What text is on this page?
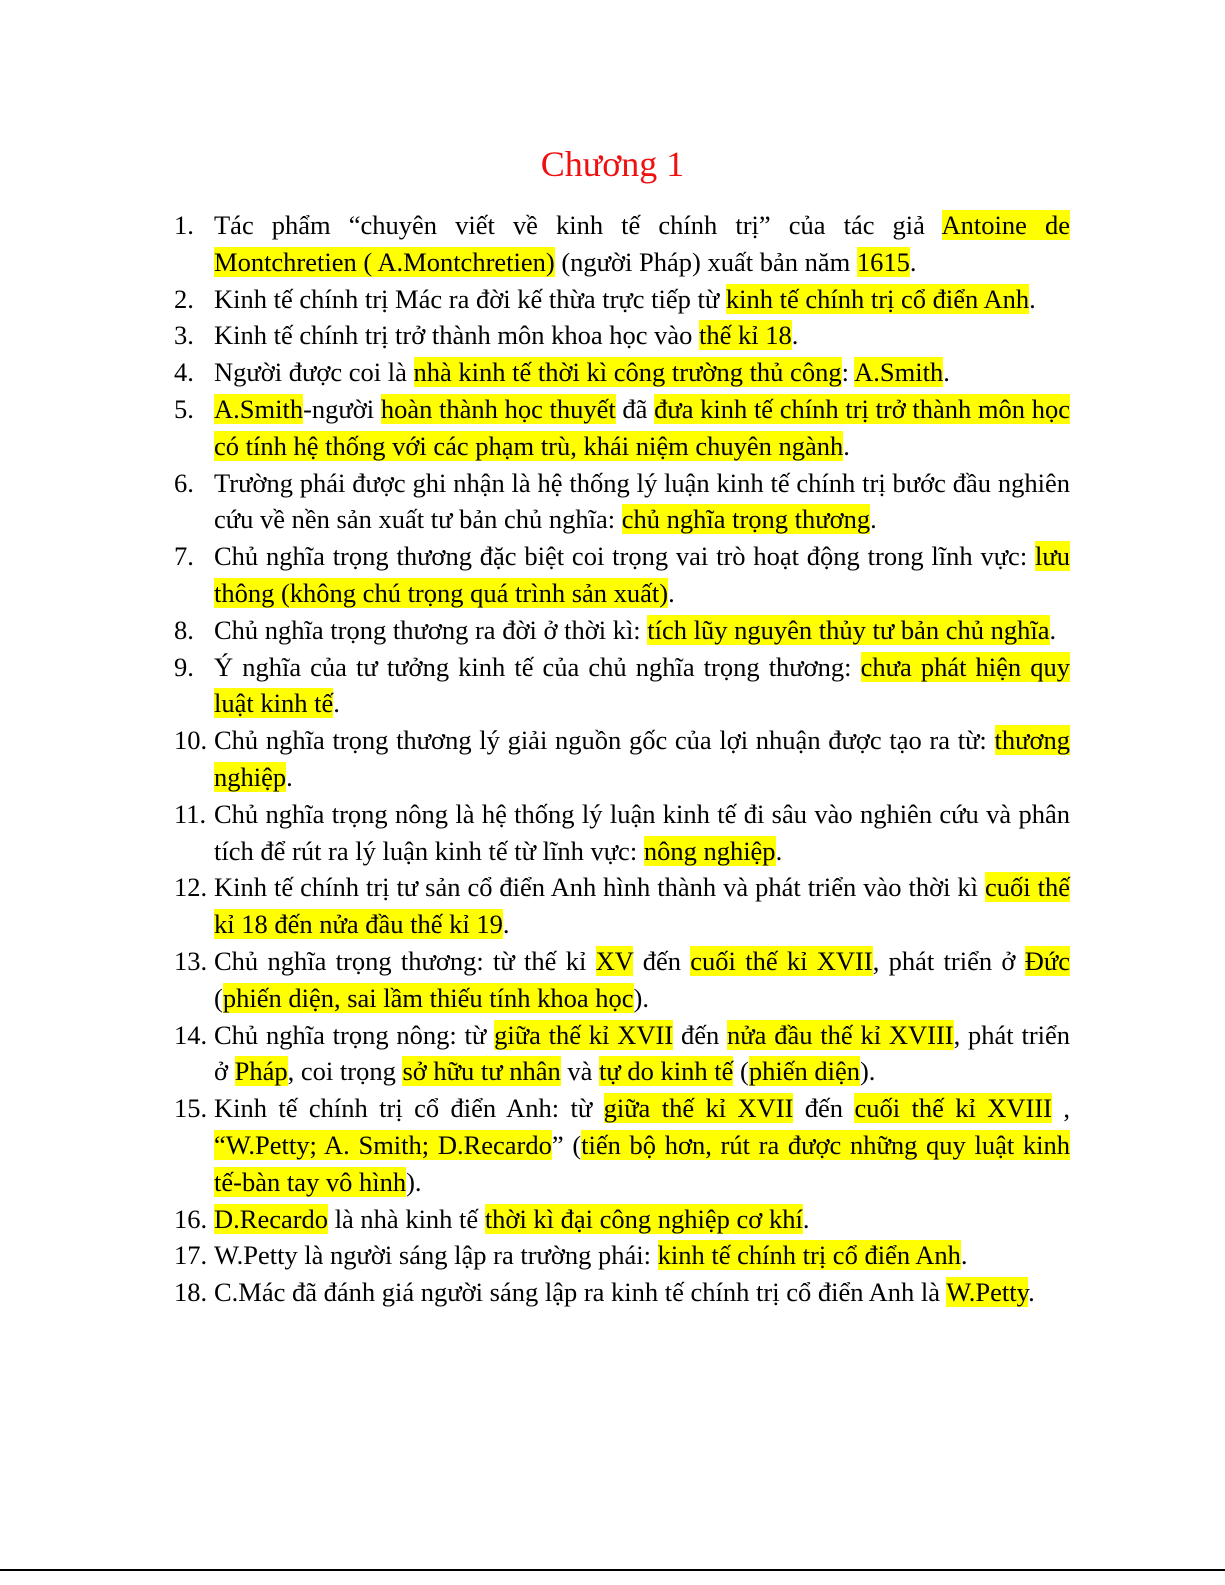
Chương 1
1. Tác phẩm “chuyên viết về kinh tế chính trị” của tác giả Antoine de Montchretien ( A.Montchretien) (người Pháp) xuất bản năm 1615.
2. Kinh tế chính trị Mác ra đời kế thừa trực tiếp từ kinh tế chính trị cổ điển Anh.
3. Kinh tế chính trị trở thành môn khoa học vào thế kỉ 18.
4. Người được coi là nhà kinh tế thời kì công trường thủ công: A.Smith.
5. A.Smith-người hoàn thành học thuyết đã đưa kinh tế chính trị trở thành môn học có tính hệ thống với các phạm trù, khái niệm chuyên ngành.
6. Trường phái được ghi nhận là hệ thống lý luận kinh tế chính trị bước đầu nghiên cứu về nền sản xuất tư bản chủ nghĩa: chủ nghĩa trọng thương.
7. Chủ nghĩa trọng thương đặc biệt coi trọng vai trò hoạt động trong lĩnh vực: lưu thông (không chú trọng quá trình sản xuất).
8. Chủ nghĩa trọng thương ra đời ở thời kì: tích lũy nguyên thủy tư bản chủ nghĩa.
9. Ý nghĩa của tư tưởng kinh tế của chủ nghĩa trọng thương: chưa phát hiện quy luật kinh tế.
10. Chủ nghĩa trọng thương lý giải nguồn gốc của lợi nhuận được tạo ra từ: thương nghiệp.
11. Chủ nghĩa trọng nông là hệ thống lý luận kinh tế đi sâu vào nghiên cứu và phân tích để rút ra lý luận kinh tế từ lĩnh vực: nông nghiệp.
12. Kinh tế chính trị tư sản cổ điển Anh hình thành và phát triển vào thời kì cuối thế kỉ 18 đến nửa đầu thế kỉ 19.
13. Chủ nghĩa trọng thương: từ thế kỉ XV đến cuối thế kỉ XVII, phát triển ở Đức (phiến diện, sai lầm thiếu tính khoa học).
14. Chủ nghĩa trọng nông: từ giữa thế kỉ XVII đến nửa đầu thế kỉ XVIII, phát triển ở Pháp, coi trọng sở hữu tư nhân và tự do kinh tế (phiến diện).
15. Kinh tế chính trị cổ điển Anh: từ giữa thế kỉ XVII đến cuối thế kỉ XVIII , “W.Petty; A. Smith; D.Recardo” (tiến bộ hơn, rút ra được những quy luật kinh tế-bàn tay vô hình).
16. D.Recardo là nhà kinh tế thời kì đại công nghiệp cơ khí.
17. W.Petty là người sáng lập ra trường phái: kinh tế chính trị cổ điển Anh.
18. C.Mác đã đánh giá người sáng lập ra kinh tế chính trị cổ điển Anh là W.Petty.
